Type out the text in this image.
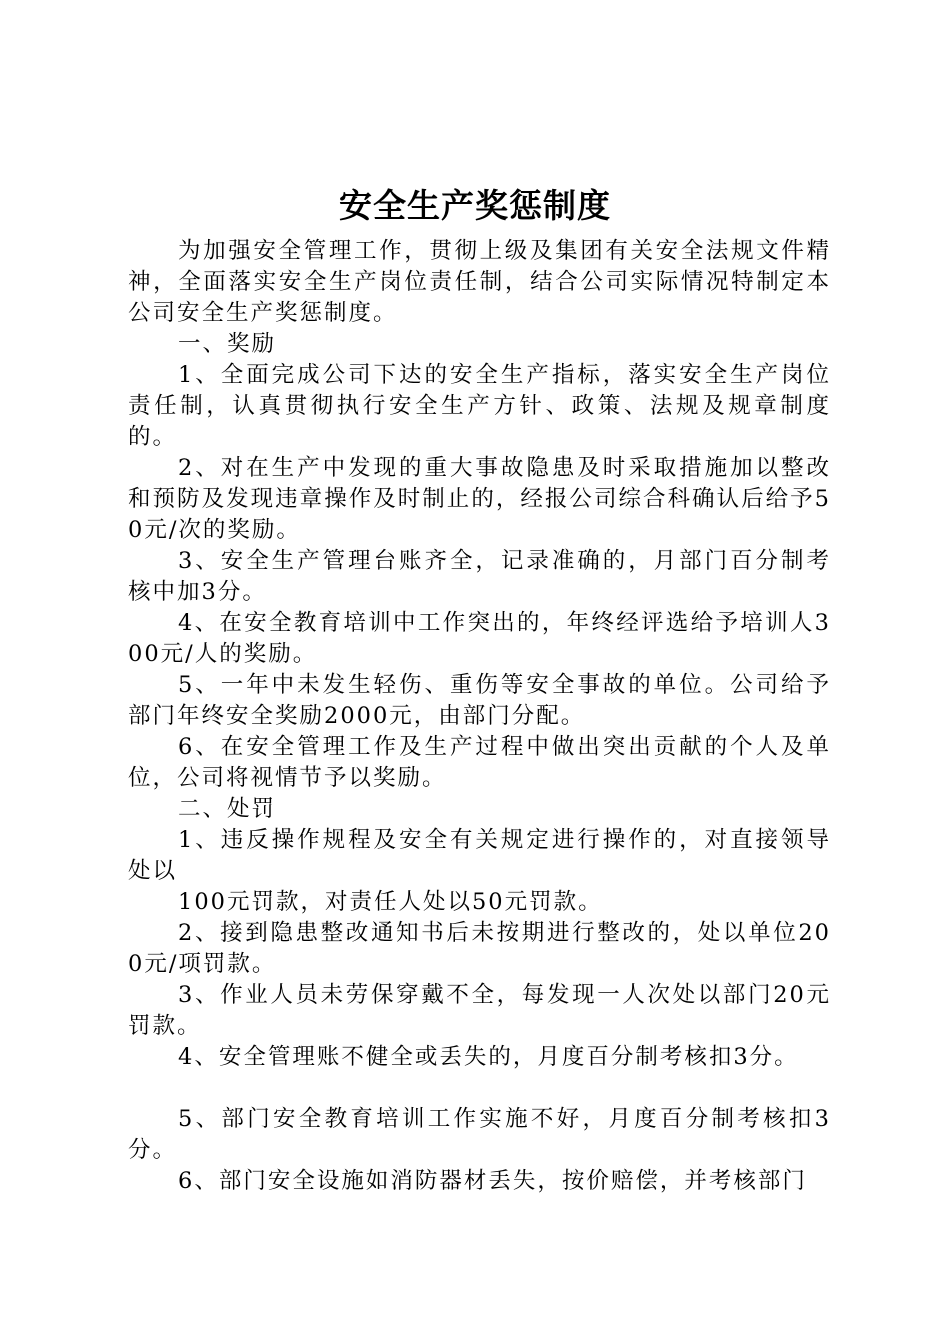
安全生产奖惩制度

为加强安全管理工作，贯彻上级及集团有关安全法规文件精神，全面落实安全生产岗位责任制，结合公司实际情况特制定本公司安全生产奖惩制度。

一、奖励

1、全面完成公司下达的安全生产指标，落实安全生产岗位责任制，认真贯彻执行安全生产方针、政策、法规及规章制度的。

2、对在生产中发现的重大事故隐患及时采取措施加以整改和预防及发现违章操作及时制止的，经报公司综合科确认后给予50元/次的奖励。

3、安全生产管理台账齐全，记录准确的，月部门百分制考核中加3分。

4、在安全教育培训中工作突出的，年终经评选给予培训人300元/人的奖励。

5、一年中未发生轻伤、重伤等安全事故的单位。公司给予部门年终安全奖励2000元，由部门分配。

6、在安全管理工作及生产过程中做出突出贡献的个人及单位，公司将视情节予以奖励。

二、处罚

1、违反操作规程及安全有关规定进行操作的，对直接领导处以

100元罚款，对责任人处以50元罚款。

2、接到隐患整改通知书后未按期进行整改的，处以单位200元/项罚款。

3、作业人员未劳保穿戴不全，每发现一人次处以部门20元罚款。

4、安全管理账不健全或丢失的，月度百分制考核扣3分。

5、部门安全教育培训工作实施不好，月度百分制考核扣3分。

6、部门安全设施如消防器材丢失，按价赔偿，并考核部门
